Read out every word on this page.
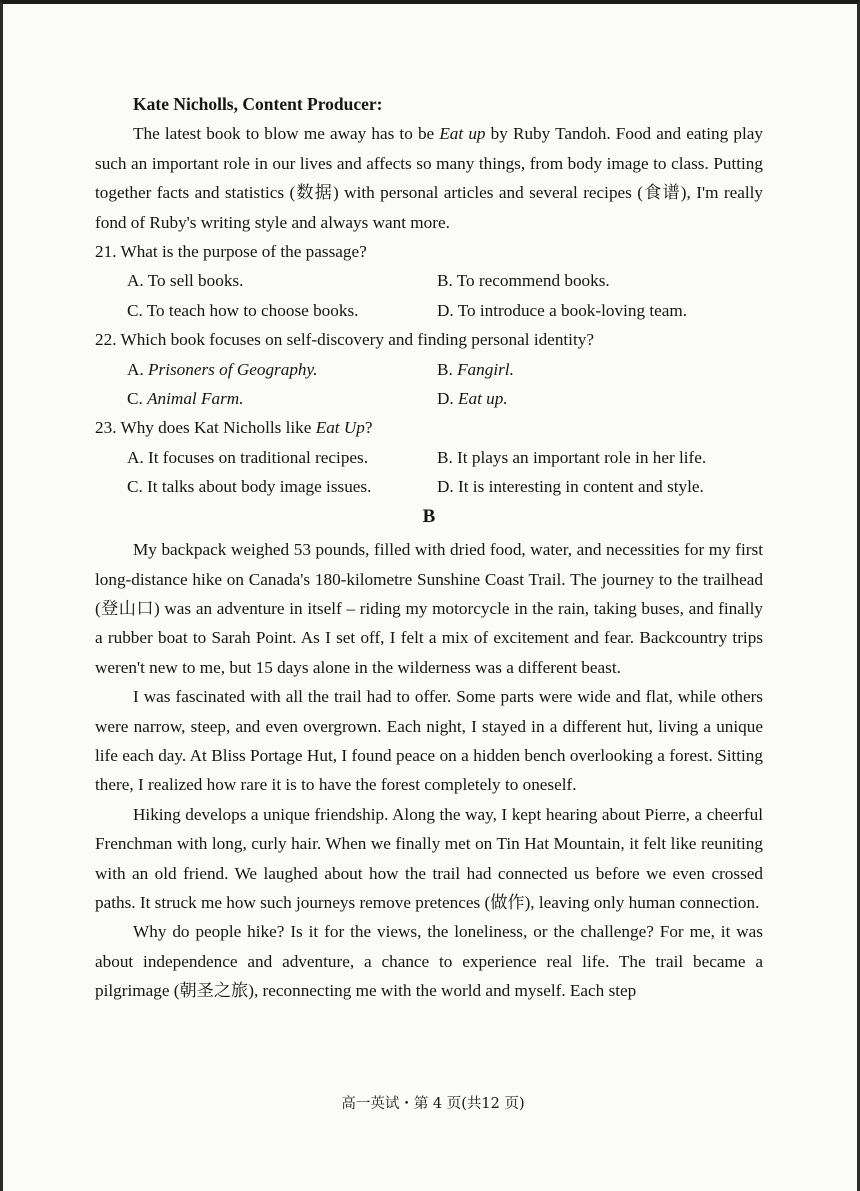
Kate Nicholls, Content Producer:
The latest book to blow me away has to be Eat up by Ruby Tandoh. Food and eating play such an important role in our lives and affects so many things, from body image to class. Putting together facts and statistics (数据) with personal articles and several recipes (食谱), I'm really fond of Ruby's writing style and always want more.
21. What is the purpose of the passage?
A. To sell books.	B. To recommend books.
C. To teach how to choose books.	D. To introduce a book-loving team.
22. Which book focuses on self-discovery and finding personal identity?
A. Prisoners of Geography.	B. Fangirl.
C. Animal Farm.	D. Eat up.
23. Why does Kat Nicholls like Eat Up?
A. It focuses on traditional recipes.	B. It plays an important role in her life.
C. It talks about body image issues.	D. It is interesting in content and style.
B
My backpack weighed 53 pounds, filled with dried food, water, and necessities for my first long-distance hike on Canada's 180-kilometre Sunshine Coast Trail. The journey to the trailhead (登山口) was an adventure in itself – riding my motorcycle in the rain, taking buses, and finally a rubber boat to Sarah Point. As I set off, I felt a mix of excitement and fear. Backcountry trips weren't new to me, but 15 days alone in the wilderness was a different beast.
I was fascinated with all the trail had to offer. Some parts were wide and flat, while others were narrow, steep, and even overgrown. Each night, I stayed in a different hut, living a unique life each day. At Bliss Portage Hut, I found peace on a hidden bench overlooking a forest. Sitting there, I realized how rare it is to have the forest completely to oneself.
Hiking develops a unique friendship. Along the way, I kept hearing about Pierre, a cheerful Frenchman with long, curly hair. When we finally met on Tin Hat Mountain, it felt like reuniting with an old friend. We laughed about how the trail had connected us before we even crossed paths. It struck me how such journeys remove pretences (做作), leaving only human connection.
Why do people hike? Is it for the views, the loneliness, or the challenge? For me, it was about independence and adventure, a chance to experience real life. The trail became a pilgrimage (朝圣之旅), reconnecting me with the world and myself. Each step
高一英试・第 4 页(共12 页)
